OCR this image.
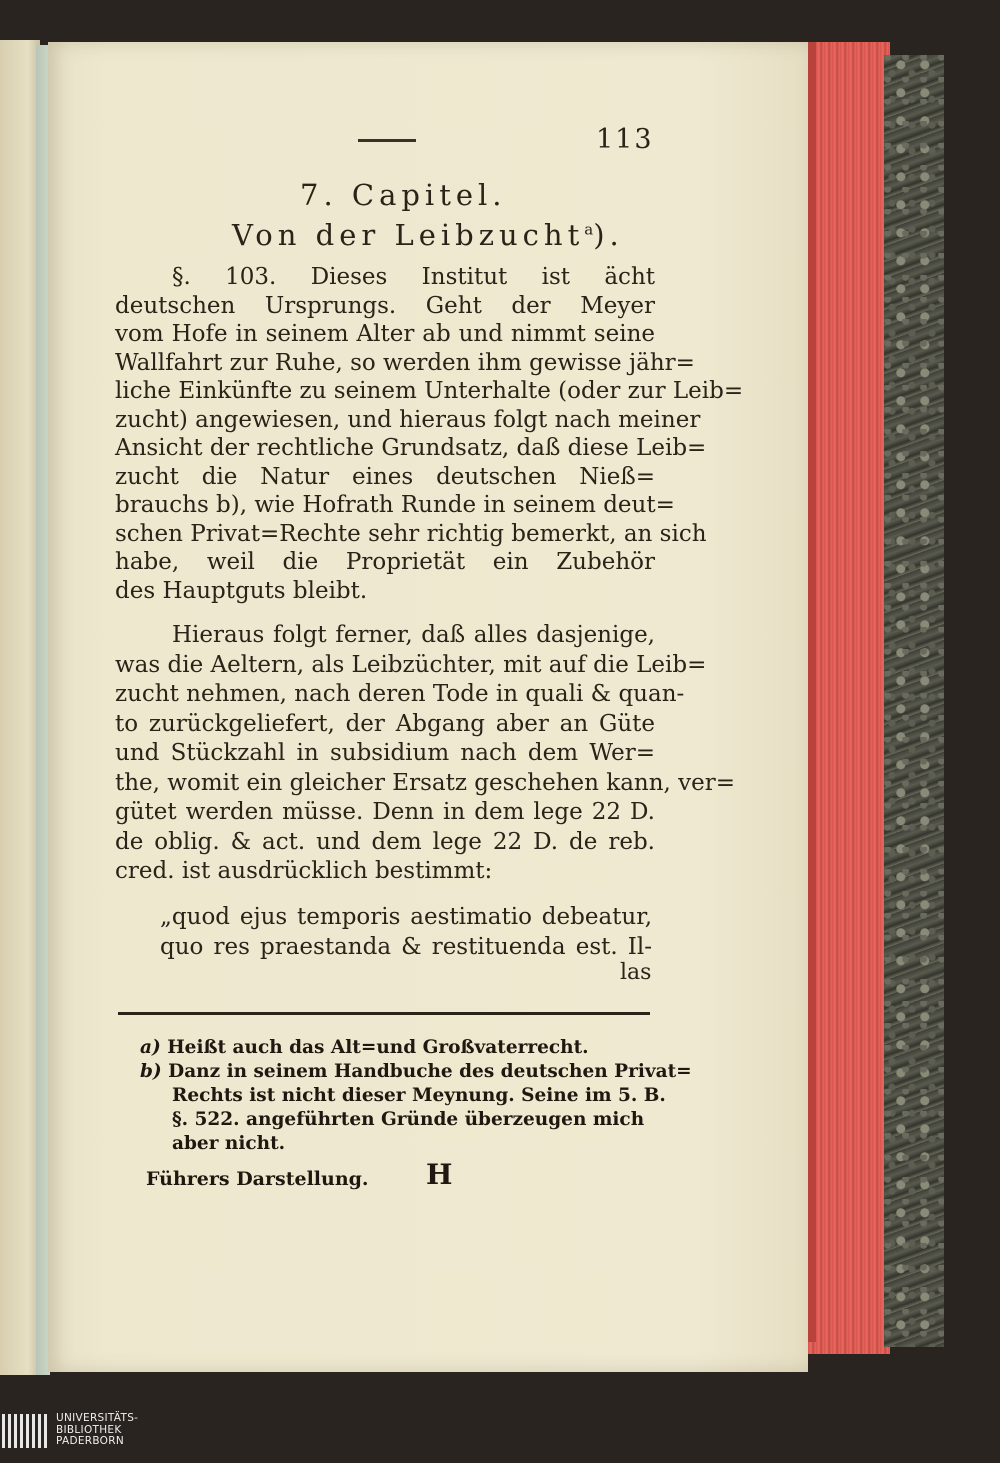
113
7. Capitel.
Von der Leibzucht$^a$).
§. 103. Dieses Institut ist ächt
deutschen Ursprungs. Geht der Meyer
vom Hofe in seinem Alter ab und nimmt seine
Wallfahrt zur Ruhe, so werden ihm gewisse jähr=
liche Einkünfte zu seinem Unterhalte (oder zur Leib=
zucht) angewiesen, und hieraus folgt nach meiner
Ansicht der rechtliche Grundsatz, daß diese Leib=
zucht die Natur eines deutschen Nieß=
brauchs b), wie Hofrath Runde in seinem deut=
schen Privat=Rechte sehr richtig bemerkt, an sich
habe, weil die Proprietät ein Zubehör
des Hauptguts bleibt.
Hieraus folgt ferner, daß alles dasjenige,
was die Aeltern, als Leibzüchter, mit auf die Leib=
zucht nehmen, nach deren Tode in quali & quan-
to zurückgeliefert, der Abgang aber an Güte
und Stückzahl in subsidium nach dem Wer=
the, womit ein gleicher Ersatz geschehen kann, ver=
gütet werden müsse. Denn in dem lege 22 D.
de oblig. & act. und dem lege 22 D. de reb.
cred. ist ausdrücklich bestimmt:
a) Heißt auch das Alt=und Großvaterrecht.
b) Danz in seinem Handbuche des deutschen Privat=
Rechts ist nicht dieser Meynung. Seine im 5. B.
§. 522. angeführten Gründe überzeugen mich
aber nicht.
Führers Darstellung. H
UNIVERSITÄTS-
BIBLIOTHEK
PADERBORN
„quod ejus temporis aestimatio debeatur,
quo res praestanda & restituenda est. Il-
las
